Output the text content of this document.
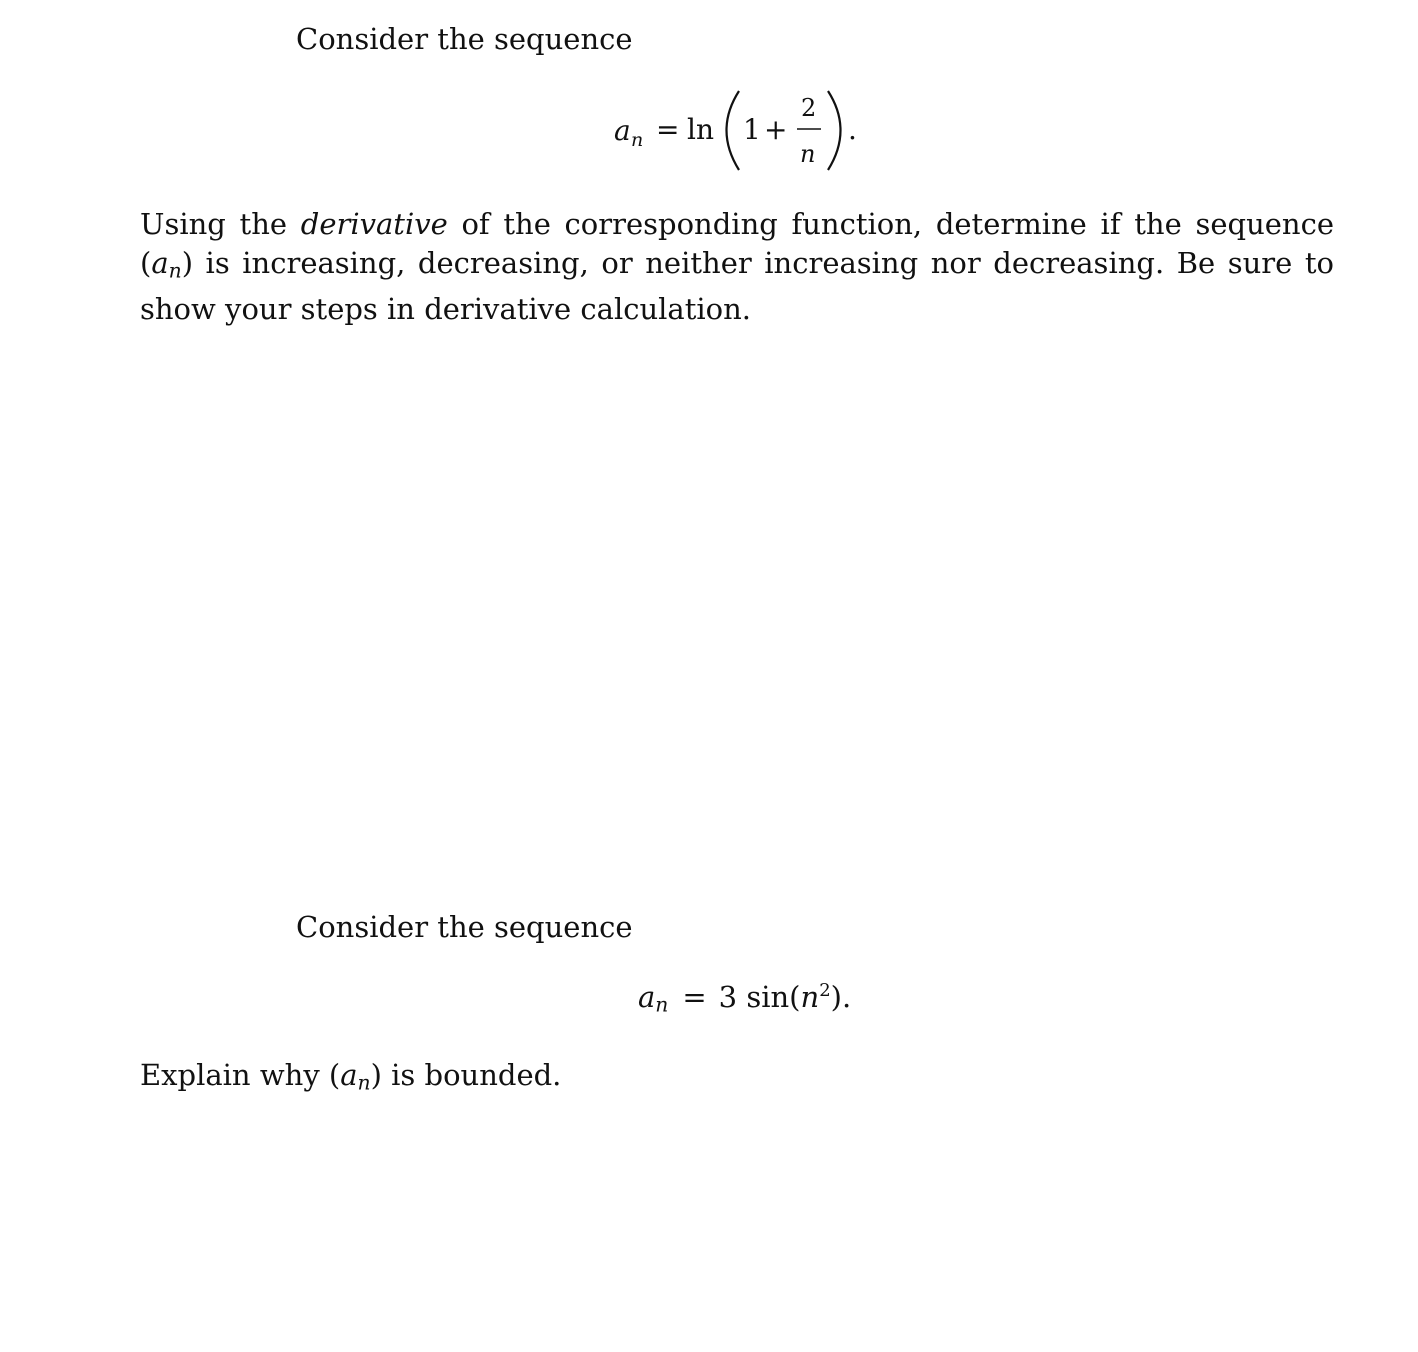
Consider the sequence
a n = ln 1 +
2
n
.

Using the derivative of the corresponding function, determine if the sequence $(a_n)$ is increasing, decreasing, or neither increasing nor decreasing. Be sure to show your steps in derivative calculation.

Consider the sequence
$a_n = 3$ $\sin(n^2)$.
Explain why $(a_n)$ is bounded.
